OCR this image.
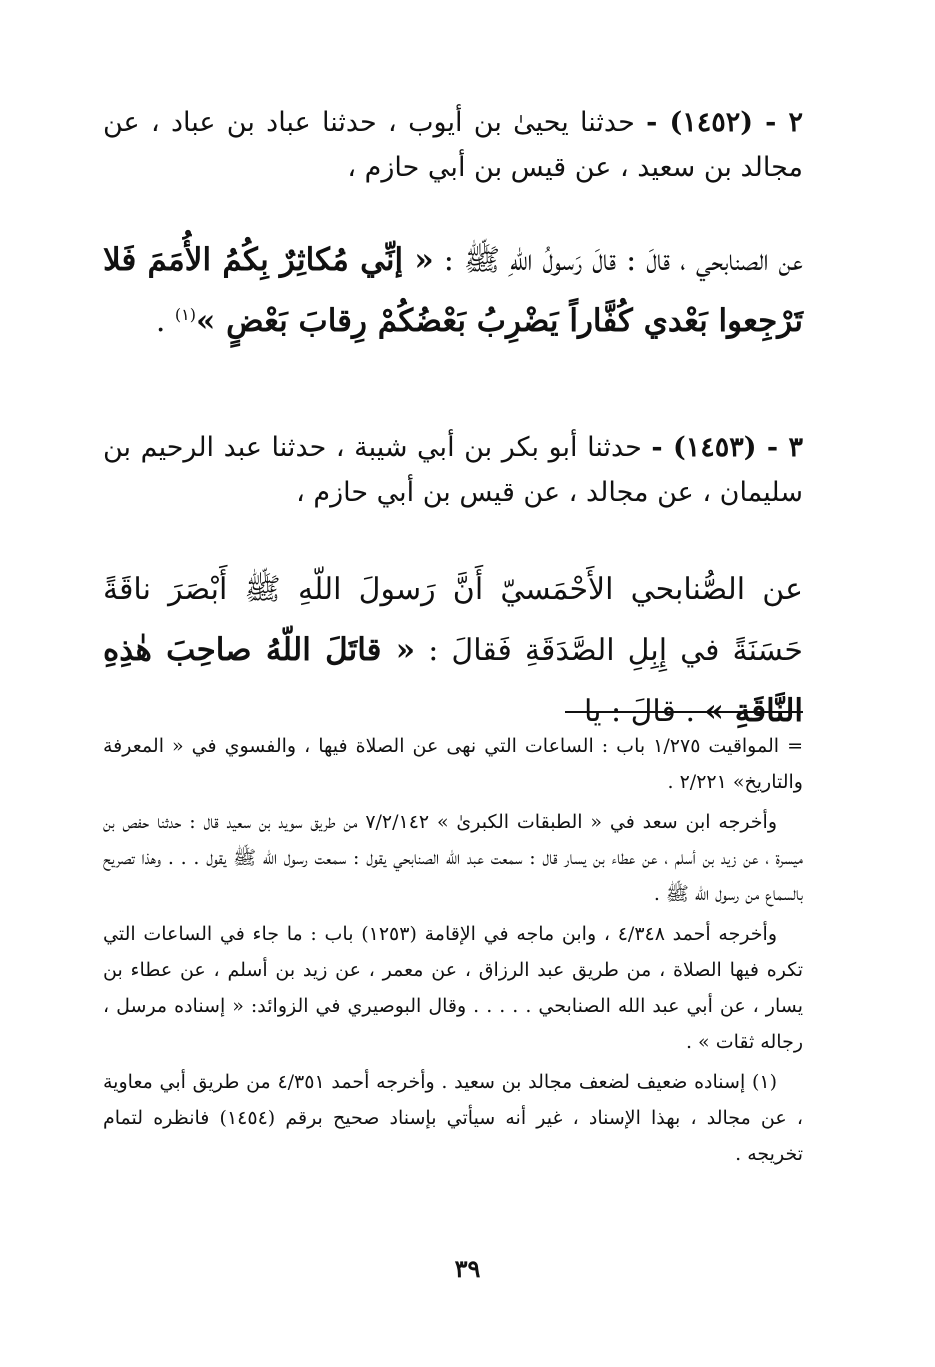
٢ - (١٤٥٢) - حدثنا يحيىٰ بن أيوب ، حدثنا عباد بن عباد ، عن مجالد بن سعيد ، عن قيس بن أبي حازم ،
عن الصنابحي ، قالَ : قالَ رَسولُ اللّهِ ﷺ : « إنِّي مُكاثِرٌ بِكُمُ الأُمَمَ فَلا تَرْجِعوا بَعْدي كُفَّاراً يَضْرِبُ بَعْضُكُمْ رِقابَ بَعْضٍ »$^{(١)}$ .
٣ - (١٤٥٣) - حدثنا أبو بكر بن أبي شيبة ، حدثنا عبد الرحيم بن سليمان ، عن مجالد ، عن قيس بن أبي حازم ،
عن الصُّنابحي الأَحْمَسيّ أَنَّ رَسولَ اللّهِ ﷺ أَبْصَرَ ناقَةً حَسَنَةً في إِبِلِ الصَّدَقَةِ فَقالَ : « قاتَلَ اللّهُ صاحِبَ هٰذِهِ النَّاقَةِ » . قالَ : يا

= المواقيت ١/٢٧٥ باب : الساعات التي نهى عن الصلاة فيها ، والفسوي في « المعرفة والتاريخ» ٢/٢٢١ .

وأخرجه ابن سعد في « الطبقات الكبرىٰ » ٧/٢/١٤٢ من طريق سويد بن سعيد قال : حدثنا حفص بن ميسرة ، عن زيد بن أسلم ، عن عطاء بن يسار قال : سمعت عبد الله الصنابحي يقول : سمعت رسول الله ﷺ يقول . . . وهذا تصريح بالسماع من رسول الله ﷺ .

وأخرجه أحمد ٤/٣٤٨ ، وابن ماجه في الإقامة (١٢٥٣) باب : ما جاء في الساعات التي تكره فيها الصلاة ، من طريق عبد الرزاق ، عن معمر ، عن زيد بن أسلم ، عن عطاء بن يسار ، عن أبي عبد الله الصنابحي . . . . . وقال البوصيري في الزوائد: « إسناده مرسل ، رجاله ثقات » .

(١) إسناده ضعيف لضعف مجالد بن سعيد . وأخرجه أحمد ٤/٣٥١ من طريق أبي معاوية ، عن مجالد ، بهذا الإسناد ، غير أنه سيأتي بإسناد صحيح برقم (١٤٥٤) فانظره لتمام تخريجه .

٣٩
